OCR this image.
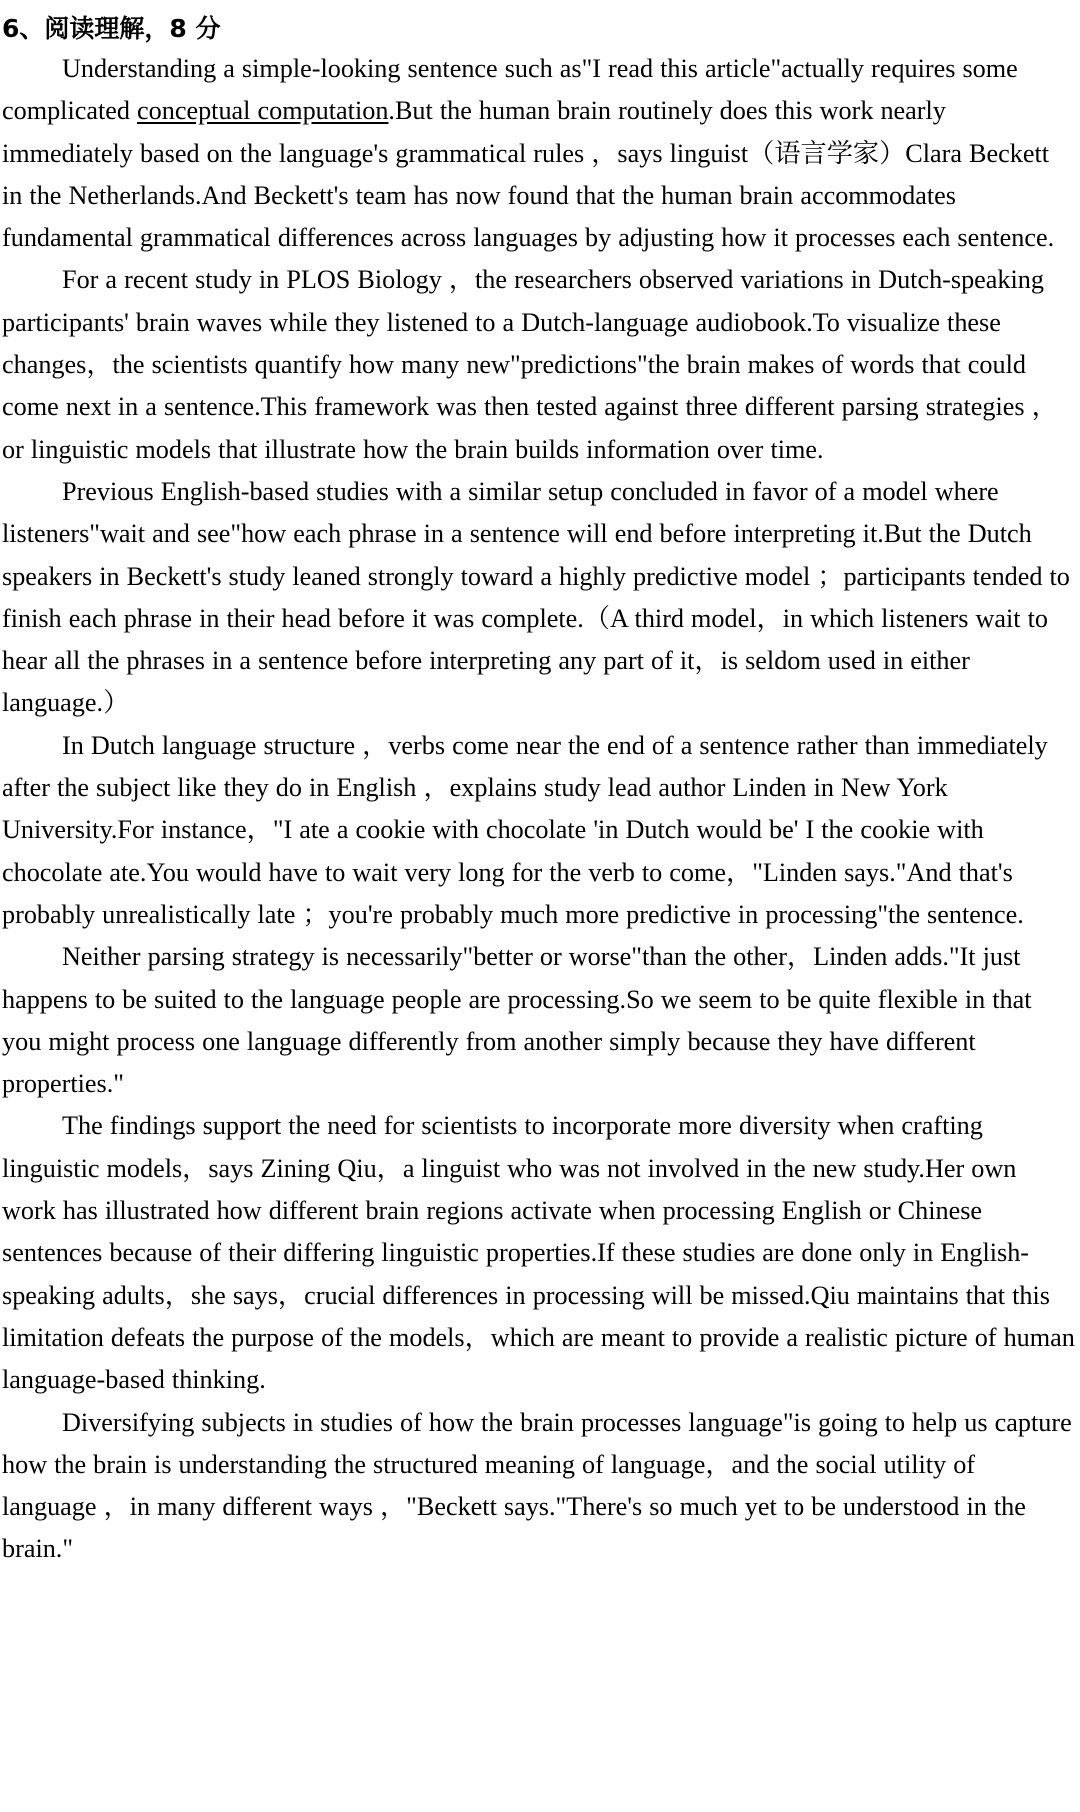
6、阅读理解，8 分

Understanding a simple-looking sentence such as"I read this article"actually requires some complicated conceptual computation.But the human brain routinely does this work nearly immediately based on the language's grammatical rules ，says linguist（语言学家）Clara Beckett in the Netherlands.And Beckett's team has now found that the human brain accommodates fundamental grammatical differences across languages by adjusting how it processes each sentence.

For a recent study in PLOS Biology ，the researchers observed variations in Dutch-speaking participants' brain waves while they listened to a Dutch-language audiobook.To visualize these changes，the scientists quantify how many new"predictions"the brain makes of words that could come next in a sentence.This framework was then tested against three different parsing strategies ，or linguistic models that illustrate how the brain builds information over time.

Previous English-based studies with a similar setup concluded in favor of a model where listeners"wait and see"how each phrase in a sentence will end before interpreting it.But the Dutch speakers in Beckett's study leaned strongly toward a highly predictive model ；participants tended to finish each phrase in their head before it was complete.（A third model，in which listeners wait to hear all the phrases in a sentence before interpreting any part of it，is seldom used in either language.）

In Dutch language structure ，verbs come near the end of a sentence rather than immediately after the subject like they do in English ，explains study lead author Linden in New York University.For instance，"I ate a cookie with chocolate 'in Dutch would be' I the cookie with chocolate ate.You would have to wait very long for the verb to come，"Linden says."And that's probably unrealistically late ；you're probably much more predictive in processing"the sentence.

Neither parsing strategy is necessarily"better or worse"than the other，Linden adds."It just happens to be suited to the language people are processing.So we seem to be quite flexible in that you might process one language differently from another simply because they have different properties."

The findings support the need for scientists to incorporate more diversity when crafting linguistic models，says Zining Qiu，a linguist who was not involved in the new study.Her own work has illustrated how different brain regions activate when processing English or Chinese sentences because of their differing linguistic properties.If these studies are done only in English-speaking adults，she says，crucial differences in processing will be missed.Qiu maintains that this limitation defeats the purpose of the models，which are meant to provide a realistic picture of human language-based thinking.

Diversifying subjects in studies of how the brain processes language"is going to help us capture how the brain is understanding the structured meaning of language，and the social utility of language ，in many different ways ，"Beckett says."There's so much yet to be understood in the brain."
